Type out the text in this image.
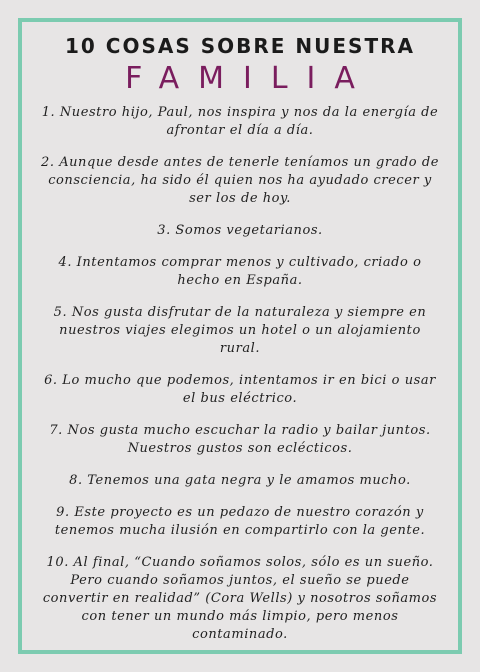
10 COSAS SOBRE NUESTRA
FAMILIA
1. Nuestro hijo, Paul, nos inspira y nos da la energía de afrontar el día a día.
2. Aunque desde antes de tenerle teníamos un grado de consciencia, ha sido él quien nos ha ayudado crecer y ser los de hoy.
3. Somos vegetarianos.
4. Intentamos comprar menos y cultivado, criado o hecho en España.
5. Nos gusta disfrutar de la naturaleza y siempre en nuestros viajes elegimos un hotel o un alojamiento rural.
6. Lo mucho que podemos, intentamos ir en bici o usar el bus eléctrico.
7. Nos gusta mucho escuchar la radio y bailar juntos. Nuestros gustos son eclécticos.
8. Tenemos una gata negra y le amamos mucho.
9. Este proyecto es un pedazo de nuestro corazón y tenemos mucha ilusión en compartirlo con la gente.
10. Al final, “Cuando soñamos solos, sólo es un sueño. Pero cuando soñamos juntos, el sueño se puede convertir en realidad” (Cora Wells) y nosotros soñamos con tener un mundo más limpio, pero menos contaminado.
